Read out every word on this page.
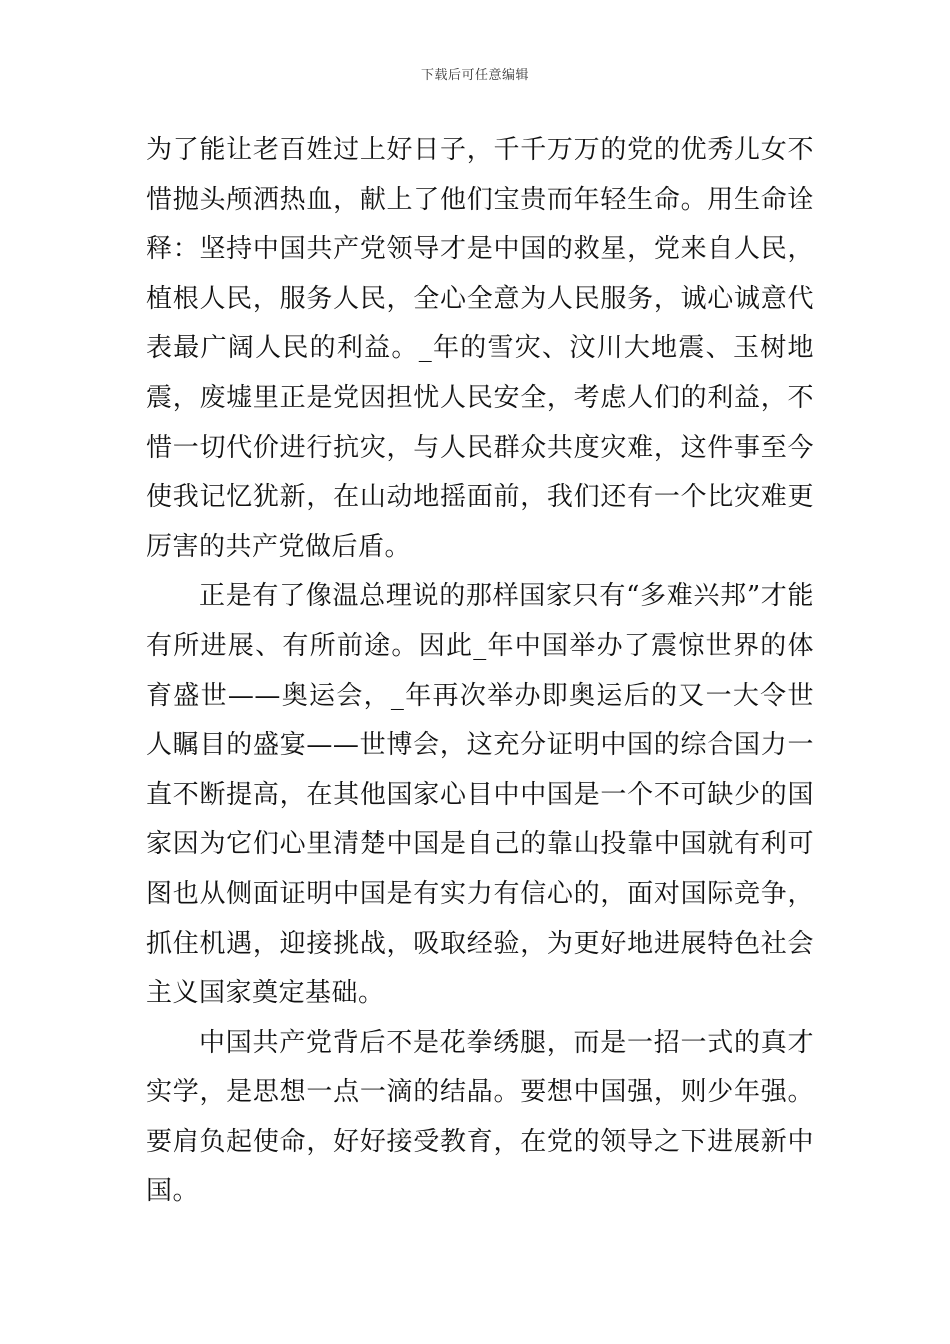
下载后可任意编辑

为了能让老百姓过上好日子，千千万万的党的优秀儿女不惜抛头颅洒热血，献上了他们宝贵而年轻生命。用生命诠释：坚持中国共产党领导才是中国的救星，党来自人民，植根人民，服务人民，全心全意为人民服务，诚心诚意代表最广阔人民的利益。_年的雪灾、汶川大地震、玉树地震，废墟里正是党因担忧人民安全，考虑人们的利益，不惜一切代价进行抗灾，与人民群众共度灾难，这件事至今使我记忆犹新，在山动地摇面前，我们还有一个比灾难更厉害的共产党做后盾。

正是有了像温总理说的那样国家只有“多难兴邦”才能有所进展、有所前途。因此_年中国举办了震惊世界的体育盛世——奥运会，_年再次举办即奥运后的又一大令世人瞩目的盛宴——世博会，这充分证明中国的综合国力一直不断提高，在其他国家心目中中国是一个不可缺少的国家因为它们心里清楚中国是自己的靠山投靠中国就有利可图也从侧面证明中国是有实力有信心的，面对国际竞争，抓住机遇，迎接挑战，吸取经验，为更好地进展特色社会主义国家奠定基础。

中国共产党背后不是花拳绣腿，而是一招一式的真才实学，是思想一点一滴的结晶。要想中国强，则少年强。要肩负起使命，好好接受教育，在党的领导之下进展新中国。
